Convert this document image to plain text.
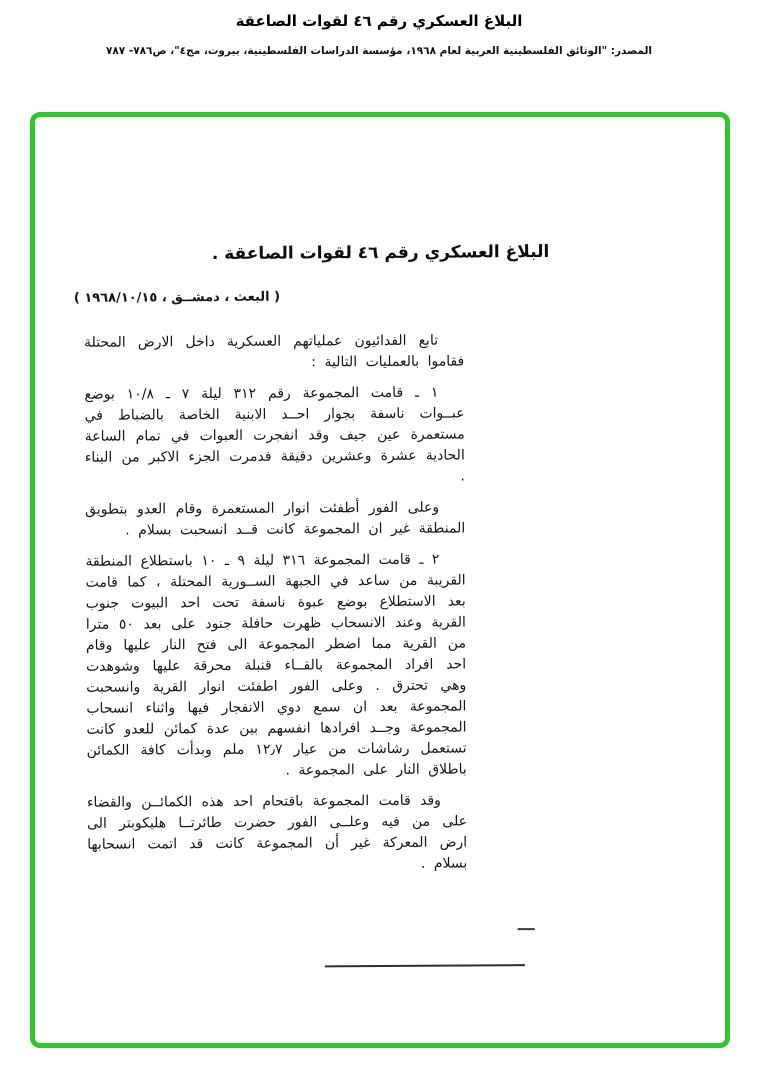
البلاغ العسكري رقم ٤٦ لقوات الصاعقة
المصدر: "الوثائق الفلسطينية العربية لعام ١٩٦٨، مؤسسة الدراسات الفلسطينية، بيروت، مج٤"، ص٧٨٦- ٧٨٧
البلاغ العسكري رقم ٤٦ لقوات الصاعقة .
( البعث ، دمشــق ، ١٩٦٨/١٠/١٥ )

تابع الفدائيون عملياتهم العسكرية داخل الارض المحتلة فقاموا بالعمليات التالية :

١ ـ قامت المجموعة رقم ٣١٢ ليلة ٧ ـ ١٠/٨ بوضع عبــوات ناسفة بجوار احــد الابنية الخاصة بالضباط في مستعمرة عين جيف وقد انفجرت العبوات في تمام الساعة الحادية عشرة وعشرين دقيقة فدمرت الجزء الاكبر من البناء .

وعلى الفور أطفئت انوار المستعمرة وقام العدو بتطويق المنطقة غير ان المجموعة كانت قــد انسحبت بسلام .

٢ ـ قامت المجموعة ٣١٦ ليلة ٩ ـ ١٠ باستطلاع المنطقة القريبة من ساعد في الجبهة الســورية المحتلة ، كما قامت بعد الاستطلاع بوضع عبوة ناسفة تحت احد البيوت جنوب القرية وعند الانسحاب ظهرت حافلة جنود على بعد ٥٠ مترا من القرية مما اضطر المجموعة الى فتح النار عليها وقام احد افراد المجموعة بالقــاء قنبلة محرقة عليها وشوهدت وهي تحترق . وعلى الفور اطفئت انوار القرية وانسحبت المجموعة بعد ان سمع دوي الانفجار فيها واثناء انسحاب المجموعة وجــد افرادها انفسهم بين عدة كمائن للعدو كانت تستعمل رشاشات من عيار ١٢٫٧ ملم وبدأت كافة الكمائن باطلاق النار على المجموعة .

وقد قامت المجموعة باقتحام احد هذه الكمائــن والقضاء على من فيه وعلــى الفور حضرت طائرتــا هليكوبتر الى ارض المعركة غير أن المجموعة كانت قد اتمت انسحابها بسلام .
